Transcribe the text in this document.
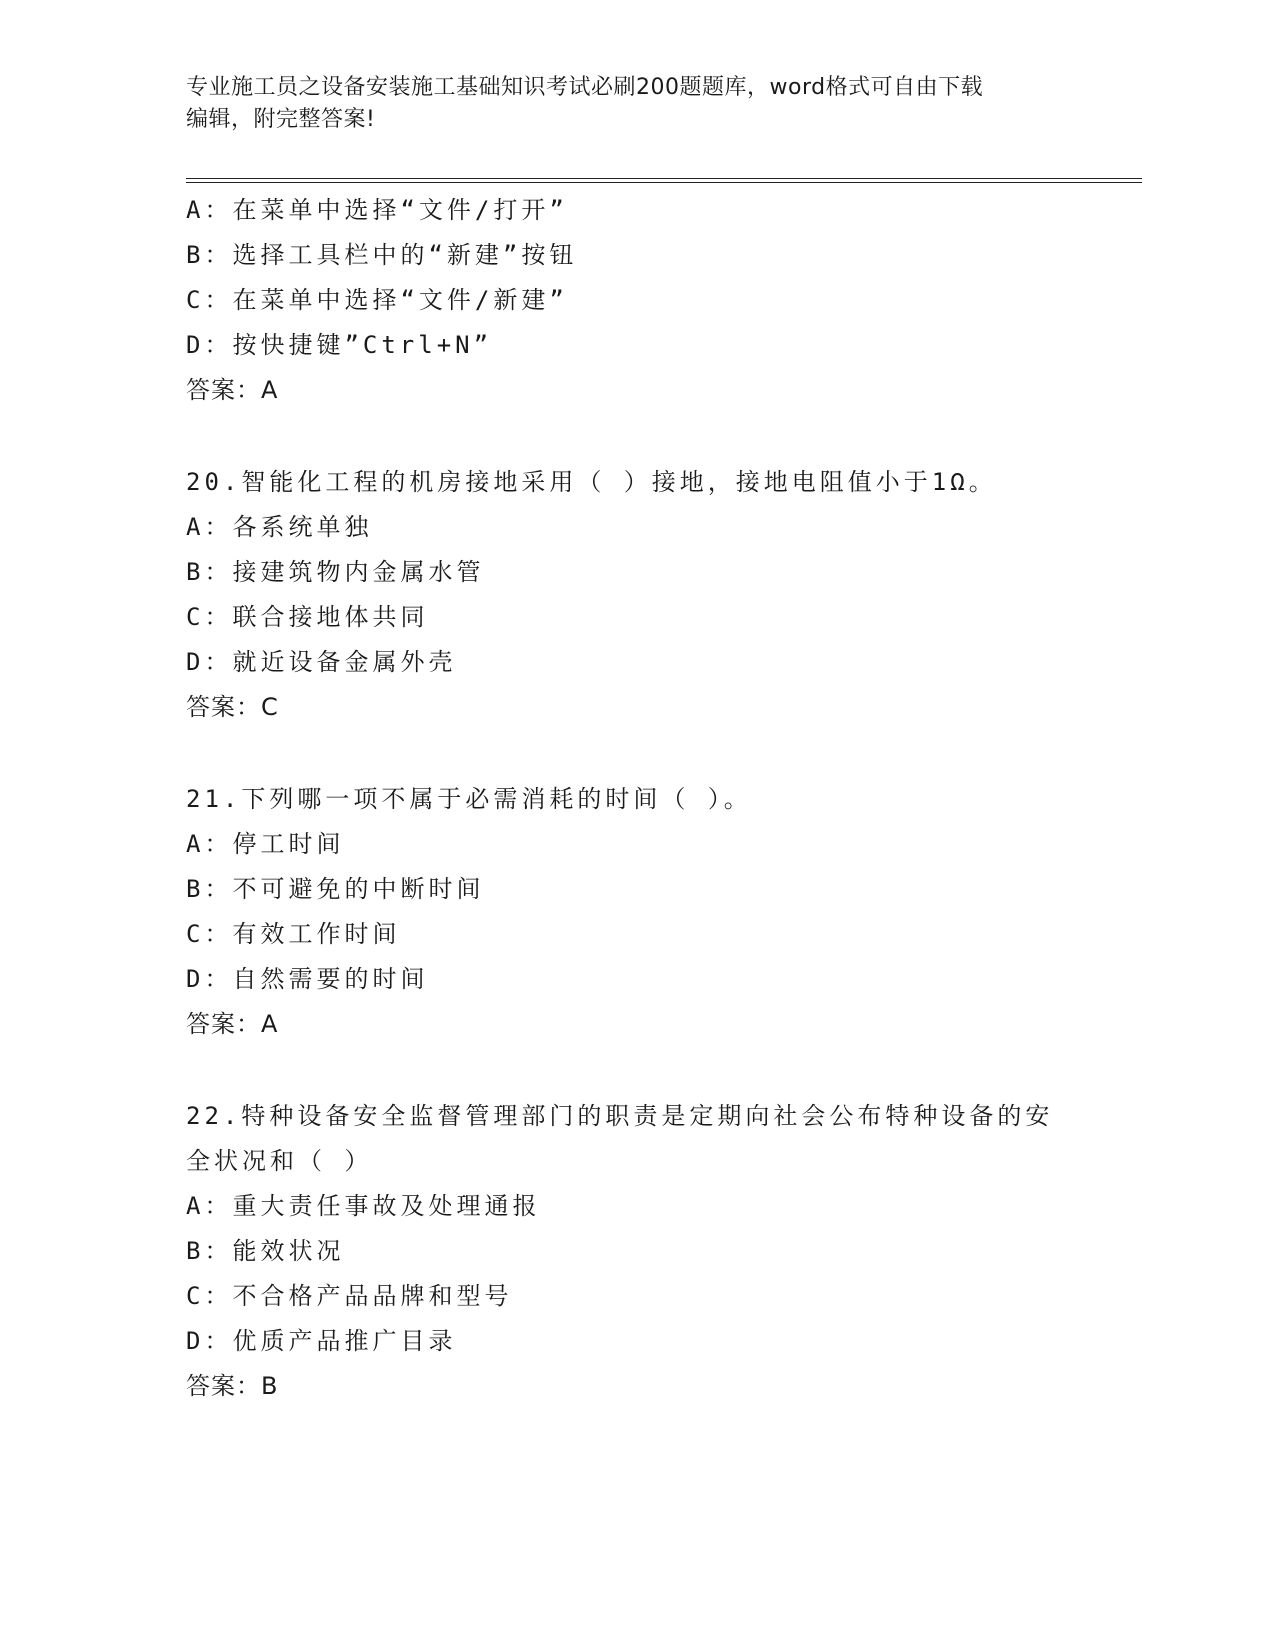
专业施工员之设备安装施工基础知识考试必刷200题题库，word格式可自由下载
编辑，附完整答案!
A：在菜单中选择“文件/打开”
B：选择工具栏中的“新建”按钮
C：在菜单中选择“文件/新建”
D：按快捷键”Ctrl+N”
答案：A
20.智能化工程的机房接地采用（ ）接地，接地电阻值小于1Ω。
A：各系统单独
B：接建筑物内金属水管
C：联合接地体共同
D：就近设备金属外壳
答案：C
21.下列哪一项不属于必需消耗的时间（ ）。
A：停工时间
B：不可避免的中断时间
C：有效工作时间
D：自然需要的时间
答案：A
22.特种设备安全监督管理部门的职责是定期向社会公布特种设备的安全状况和（ ）
A：重大责任事故及处理通报
B：能效状况
C：不合格产品品牌和型号
D：优质产品推广目录
答案：B
